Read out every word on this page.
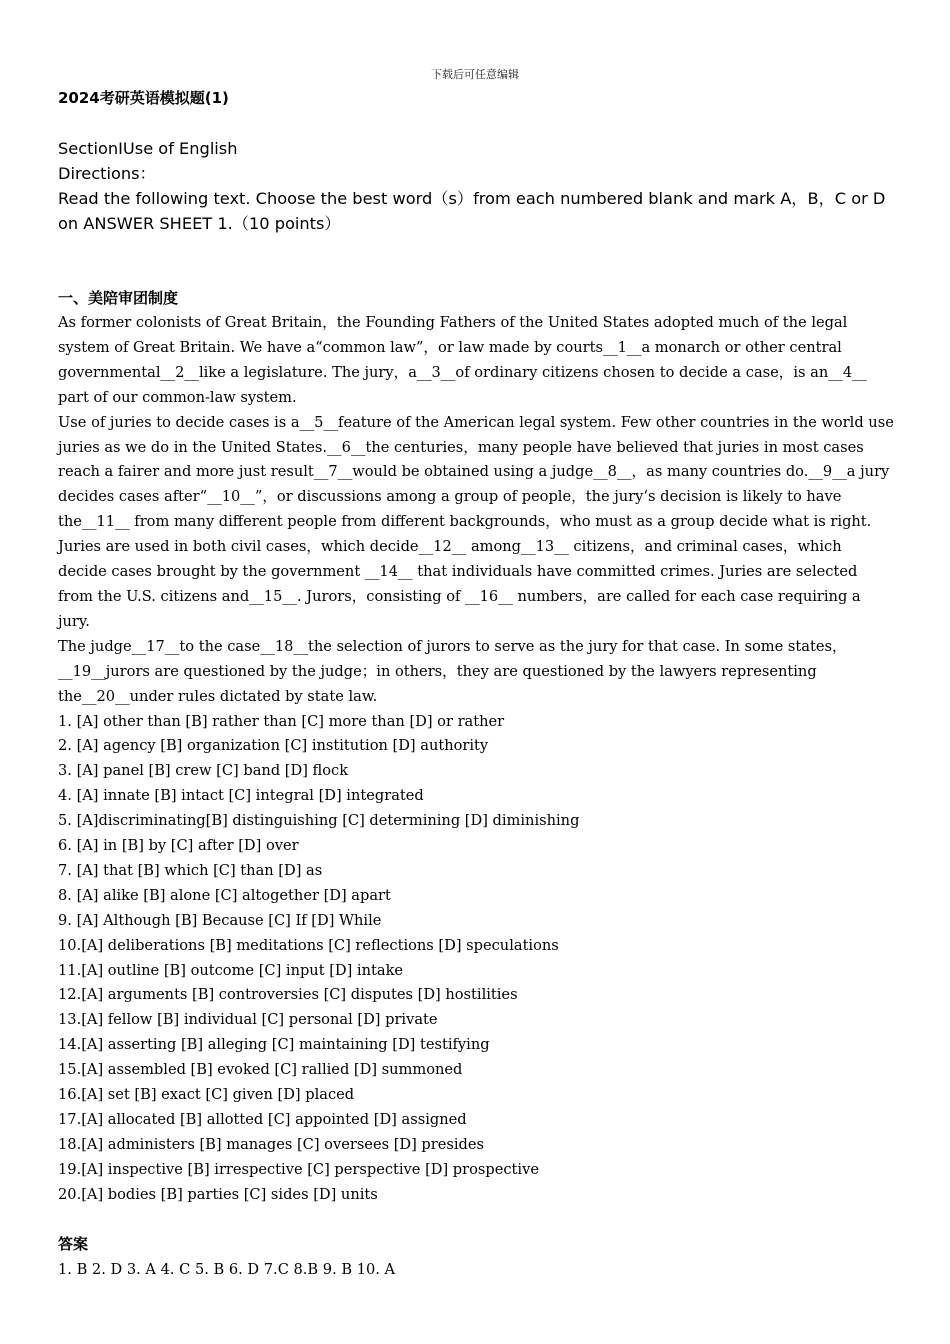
下载后可任意编辑
2024考研英语模拟题(1)
SectionIUse of English
Directions：
Read the following text. Choose the best word（s）from each numbered blank and mark A，B，C or D on ANSWER SHEET 1.（10 points）
一、美陪审团制度

As former colonists of Great Britain，the Founding Fathers of the United States adopted much of the legal system of Great Britain. We have a“common law”，or law made by courts__1__a monarch or other central governmental__2__like a legislature. The jury，a__3__of ordinary citizens chosen to decide a case，is an__4__ part of our common-law system.

Use of juries to decide cases is a__5__feature of the American legal system. Few other countries in the world use juries as we do in the United States.__6__the centuries，many people have believed that juries in most cases reach a fairer and more just result__7__would be obtained using a judge__8__，as many countries do.__9__a jury decides cases after“__10__”，or discussions among a group of people，the jury‘s decision is likely to have the__11__ from many different people from different backgrounds，who must as a group decide what is right.

Juries are used in both civil cases，which decide__12__ among__13__ citizens，and criminal cases，which decide cases brought by the government __14__ that individuals have committed crimes. Juries are selected from the U.S. citizens and__15__. Jurors，consisting of __16__ numbers，are called for each case requiring a jury.

The judge__17__to the case__18__the selection of jurors to serve as the jury for that case. In some states，__19__jurors are questioned by the judge；in others，they are questioned by the lawyers representing the__20__under rules dictated by state law.

1. [A] other than [B] rather than [C] more than [D] or rather
2. [A] agency [B] organization [C] institution [D] authority
3. [A] panel [B] crew [C] band [D] flock
4. [A] innate [B] intact [C] integral [D] integrated
5. [A]discriminating[B] distinguishing [C] determining [D] diminishing
6. [A] in [B] by [C] after [D] over
7. [A] that [B] which [C] than [D] as
8. [A] alike [B] alone [C] altogether [D] apart
9. [A] Although [B] Because [C] If [D] While
10.[A] deliberations [B] meditations [C] reflections [D] speculations
11.[A] outline [B] outcome [C] input [D] intake
12.[A] arguments [B] controversies [C] disputes [D] hostilities
13.[A] fellow [B] individual [C] personal [D] private
14.[A] asserting [B] alleging [C] maintaining [D] testifying
15.[A] assembled [B] evoked [C] rallied [D] summoned
16.[A] set [B] exact [C] given [D] placed
17.[A] allocated [B] allotted [C] appointed [D] assigned
18.[A] administers [B] manages [C] oversees [D] presides
19.[A] inspective [B] irrespective [C] perspective [D] prospective
20.[A] bodies [B] parties [C] sides [D] units
答案
1. B 2. D 3. A 4. C 5. B 6. D 7.C 8.B 9. B 10. A
